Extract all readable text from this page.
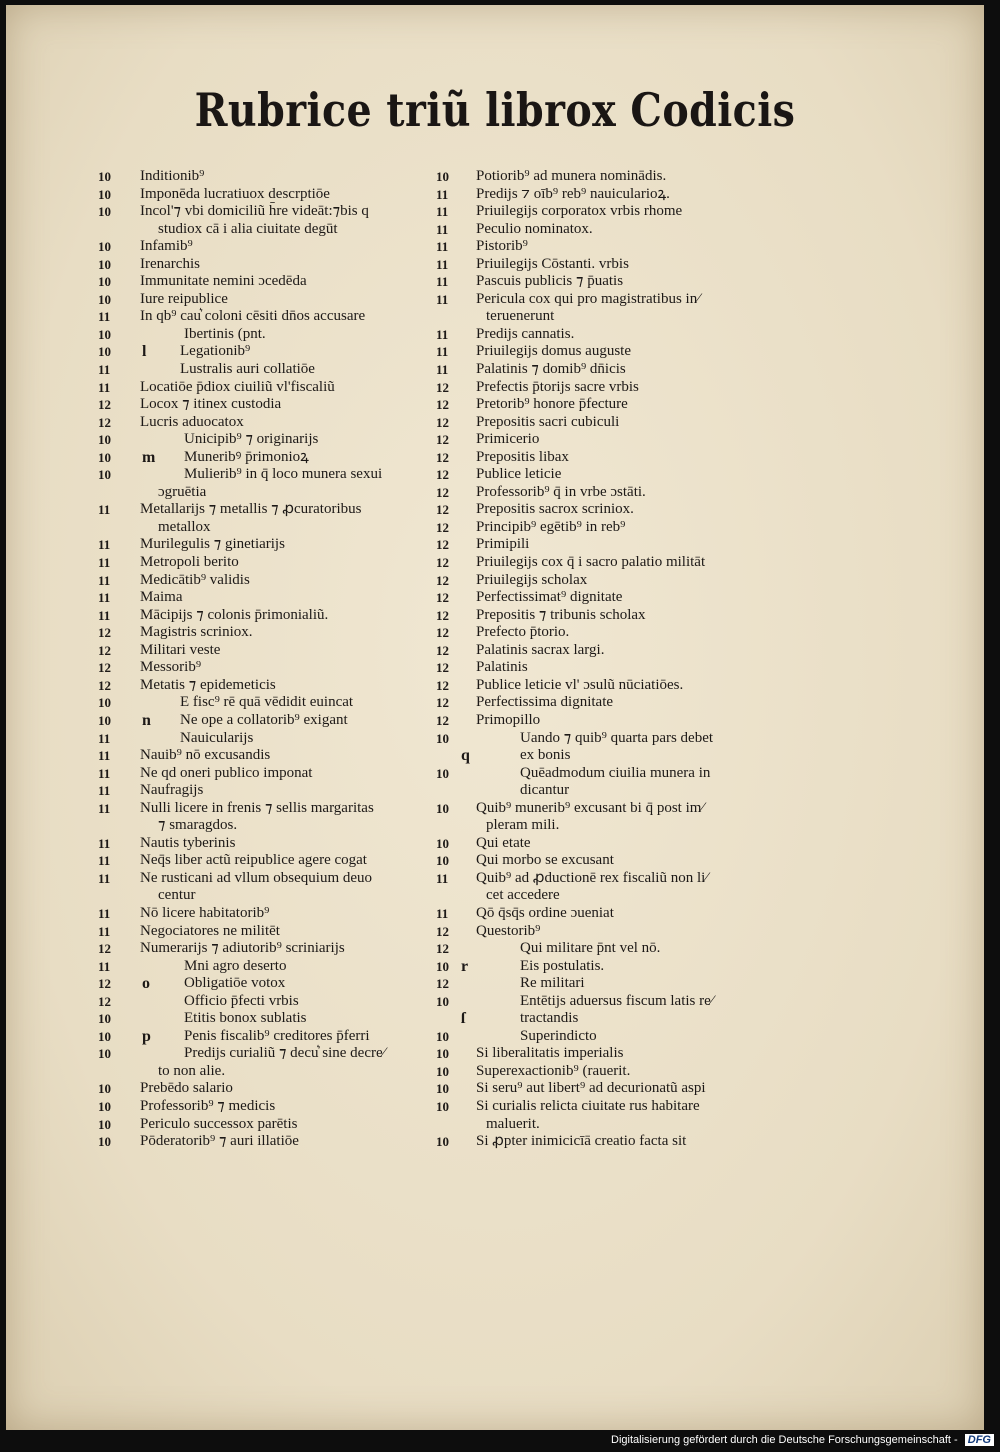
Rubrice triũ librox Codicis
10	Inditionib⁹
10	Imponēda lucratiuox descrptiōe
10	Incol'⁊ vbi domiciliũ h̄re videāt:⁊bis q
studiox cā i alia ciuitate degūt
10	Infamib⁹
10	Irenarchis
10	Immunitate nemini ɔcedēda
10	Iure reipublice
11	In qb⁹ cau͛ coloni cēsiti dn̄os accusare
10	Ibertinis (pnt.
10	l Legationib⁹
11	Lustralis auri collatiōe
11	Locatiōe p̄diox ciuiliũ vl'fiscaliũ
12	Locox ⁊ itinex custodia
12	Lucris aduocatox
10	Unicipib⁹ ⁊ originarijs
10	m Muneribꝰ p̄rimonioꝝ
10	Mulierib⁹ in q̄ loco munera sexui
ɔgruētia
11	Metallarijs ⁊ metallis ⁊ ꝓcuratoribus
metallox
11	Murilegulis ⁊ ginetiarijs
11	Metropoli berito
11	Medicātib⁹ validis
11	Maima
11	Mācipijs ⁊ colonis p̄rimonialiũ.
12	Magistris scriniox.
12	Militari veste
12	Messorib⁹
12	Metatis ⁊ epidemeticis
10	E fisc⁹ rē quā vēdidit euincat
10	n Ne ope a collatorib⁹ exigant
11	Nauicularijs
11	Nauib⁹ nō excusandis
11	Ne qd oneri publico imponat
11	Naufragijs
11	Nulli licere in frenis ⁊ sellis margaritas
⁊ smaragdos.
11	Nautis tyberinis
11	Neq̄s liber actũ reipublice agere cogat
11	Ne rusticani ad vllum obsequium deuo
centur
11	Nō licere habitatorib⁹
11	Negociatores ne militēt
12	Numerarijs ⁊ adiutorib⁹ scriniarijs
11	Mni agro deserto
12	o Obligatiōe votox
12	Officio p̄fecti vrbis
10	Etitis bonox sublatis
10	p Penis fiscalib⁹ creditores p̄ferri
10	Predijs curialiũ ⁊ decu͛ sine decre⁄
to non alie.
10	Prebēdo salario
10	Professorib⁹ ⁊ medicis
10	Periculo successox parētis
10	Pōderatorib⁹ ⁊ auri illatiōe
10	Potiorib⁹ ad munera nominādis.
11	Predijs ⁊ oīb⁹ reb⁹ nauicularioꝝ.
11	Priuilegijs corporatox vrbis rhome
11	Peculio nominatox.
11	Pistorib⁹
11	Priuilegijs Cōstanti. vrbis
11	Pascuis publicis ⁊ p̄uatis
11	Pericula cox qui pro magistratibus in⁄
teruenerunt
11	Predijs cannatis.
11	Priuilegijs domus auguste
11	Palatinis ⁊ domib⁹ dn̄icis
12	Prefectis p̄torijs sacre vrbis
12	Pretorib⁹ honore p̄fecture
12	Prepositis sacri cubiculi
12	Primicerio
12	Prepositis libax
12	Publice leticie
12	Professorib⁹ q̄ in vrbe ɔstāti.
12	Prepositis sacrox scriniox.
12	Principib⁹ egētib⁹ in reb⁹
12	Primipili
12	Priuilegijs cox q̄ i sacro palatio militāt
12	Priuilegijs scholax
12	Perfectissimat⁹ dignitate
12	Prepositis ⁊ tribunis scholax
12	Prefecto p̄torio.
12	Palatinis sacrax largi.
12	Palatinis
12	Publice leticie vl' ɔsulũ nūciatiōes.
12	Perfectissima dignitate
12	Primopillo
10	Uando ⁊ quib⁹ quarta pars debet
q	ex bonis
10	Quēadmodum ciuilia munera in
dicantur
10	Quib⁹ munerib⁹ excusant bi q̄ post im⁄
pleram mili.
10	Qui etate
10	Qui morbo se excusant
11	Quib⁹ ad ꝓductionē rex fiscaliũ non li⁄
cet accedere
11	Qō q̄sq̄s ordine ɔueniat
12	Questorib⁹
12	Qui militare p̄nt vel nō.
10 r	Eis postulatis.
12	Re militari
10	Entētijs aduersus fiscum latis re⁄
ſ	tractandis
10	Superindicto
10	Si liberalitatis imperialis
10	Superexactionib⁹ (rauerit.
10	Si seru⁹ aut libert⁹ ad decurionatũ aspi
10	Si curialis relicta ciuitate rus habitare
maluerit.
10	Si ꝓpter inimicicīā creatio facta sit
Digitalisierung gefördert durch die Deutsche Forschungsgemeinschaft - DFG
